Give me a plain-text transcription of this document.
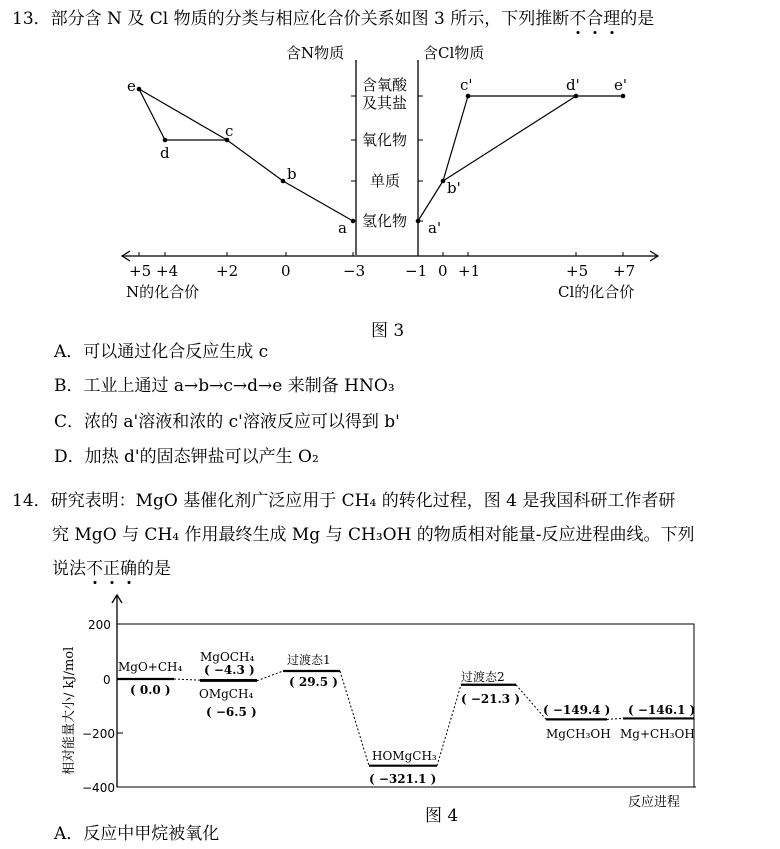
13．部分含 N 及 Cl 物质的分类与相应化合价关系如图 3 所示，下列推断不合理的是
含N物质	含Cl物质
含氧酸
及其盐
氧化物
单质
氢化物
e
d
c
b
a	a'
b'
c'	d' e'
+5 +4	+2	0	−3	−1 0 +1	+5 +7
N的化合价	Cl的化合价
图 3
A．可以通过化合反应生成 c
B．工业上通过 a→b→c→d→e 来制备 HNO₃
C．浓的 a'溶液和浓的 c'溶液反应可以得到 b'
D．加热 d'的固态钾盐可以产生 O₂
14．研究表明：MgO 基催化剂广泛应用于 CH₄ 的转化过程，图 4 是我国科研工作者研
究 MgO 与 CH₄ 作用最终生成 Mg 与 CH₃OH 的物质相对能量-反应进程曲线。下列
说法不正确的是
200
0
−200
−400
相对能量大小/ kJ/mol
反应进程
MgO+CH₄
( 0.0 )
MgOCH₄
( −4.3 )
OMgCH₄
( −6.5 )
过渡态1
( 29.5 )
HOMgCH₃
( −321.1 )
过渡态2
( −21.3 )
MgCH₃OH
( −149.4 )
Mg+CH₃OH
( −146.1 )
图 4
A．反应中甲烷被氧化
